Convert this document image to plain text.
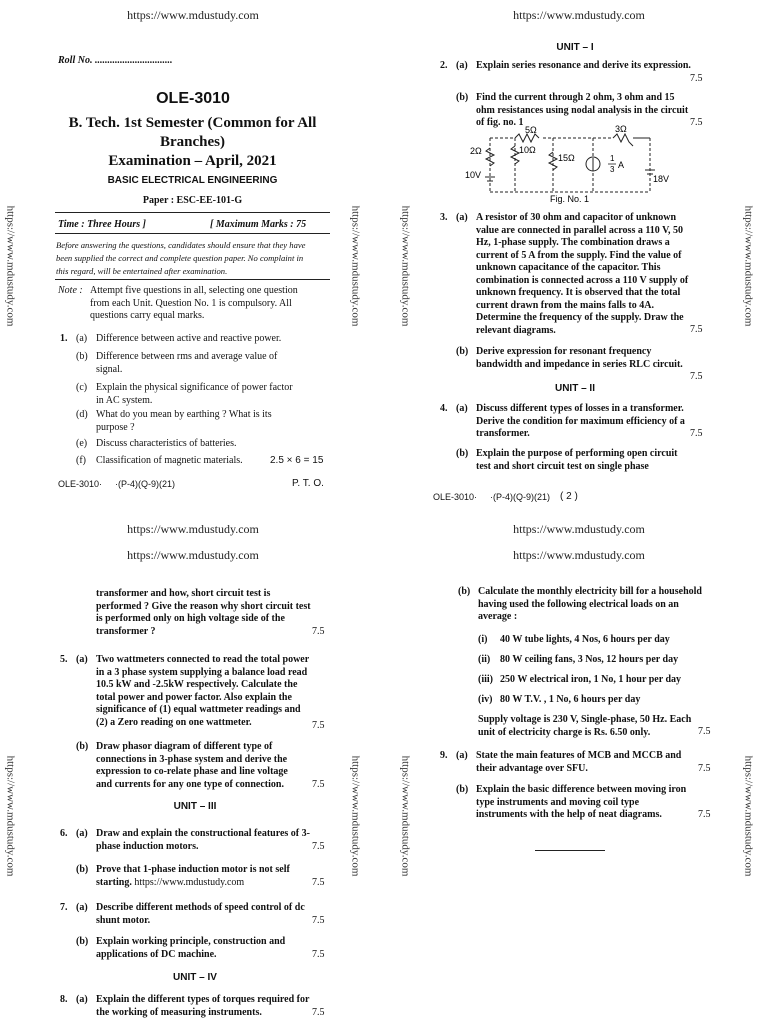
https://www.mdustudy.com	https://www.mdustudy.com
https://www.mdustudy.com	https://www.mdustudy.com
https://www.mdustudy.com	https://www.mdustudy.com
https://www.mdustudy.com	https://www.mdustudy.com	https://www.mdustudy.com	https://www.mdustudy.com
https://www.mdustudy.com	https://www.mdustudy.com	https://www.mdustudy.com	https://www.mdustudy.com
Roll No. ...............................
OLE-3010
B. Tech. 1st Semester (Common for All
Branches)
Examination – April, 2021
BASIC ELECTRICAL ENGINEERING
Paper : ESC-EE-101-G
Time : Three Hours ]	[ Maximum Marks : 75
Before answering the questions, candidates should ensure that they have
been supplied the correct and complete question paper. No complaint in
this regard, will be entertained after examination.
Note : Attempt five questions in all, selecting one question
from each Unit. Question No. 1 is compulsory. All
questions carry equal marks.
1. (a) Difference between active and reactive power.
(b) Difference between rms and average value of
signal.
(c) Explain the physical significance of power factor
in AC system.
(d) What do you mean by earthing ? What is its
purpose ?
(e) Discuss characteristics of batteries.
(f) Classification of magnetic materials.	2.5 × 6 = 15
OLE-3010· ·(P-4)(Q-9)(21)	P. T. O.
UNIT – I
2. (a) Explain series resonance and derive its expression.
7.5
(b) Find the current through 2 ohm, 3 ohm and 15
ohm resistances using nodal analysis in the circuit
of fig. no. 1	7.5
5Ω	3Ω
2Ω	10Ω
15Ω	1
3 A
10V	18V
Fig. No. 1
3. (a) A resistor of 30 ohm and capacitor of unknown
value are connected in parallel across a 110 V, 50
Hz, 1-phase supply. The combination draws a
current of 5 A from the supply. Find the value of
unknown capacitance of the capacitor. This
combination is connected across a 110 V supply of
unknown frequency. It is observed that the total
current drawn from the mains falls to 4A.
Determine the frequency of the supply. Draw the
relevant diagrams.	7.5
(b) Derive expression for resonant frequency
bandwidth and impedance in series RLC circuit.
7.5
UNIT – II
4. (a) Discuss different types of losses in a transformer.
Derive the condition for maximum efficiency of a
transformer.	7.5
(b) Explain the purpose of performing open circuit
test and short circuit test on single phase
OLE-3010· ·(P-4)(Q-9)(21) ( 2 )
transformer and how, short circuit test is
performed ? Give the reason why short circuit test
is performed only on high voltage side of the
transformer ?	7.5
5. (a) Two wattmeters connected to read the total power
in a 3 phase system supplying a balance load read
10.5 kW and -2.5kW respectively. Calculate the
total power and power factor. Also explain the
significance of (1) equal wattmeter readings and
(2) a Zero reading on one wattmeter.	7.5
(b) Draw phasor diagram of different type of
connections in 3-phase system and derive the
expression to co-relate phase and line voltage
and currents for any one type of connection.	7.5
UNIT – III
6. (a) Draw and explain the constructional features of 3-
phase induction motors.	7.5
(b) Prove that 1-phase induction motor is not self
starting. https://www.mdustudy.com	7.5
7. (a) Describe different methods of speed control of dc
shunt motor.	7.5
(b) Explain working principle, construction and
applications of DC machine.	7.5
UNIT – IV
8. (a) Explain the different types of torques required for
the working of measuring instruments.	7.5
(b) Calculate the monthly electricity bill for a household
having used the following electrical loads on an
average :
(i) 40 W tube lights, 4 Nos, 6 hours per day
(ii) 80 W ceiling fans, 3 Nos, 12 hours per day
(iii) 250 W electrical iron, 1 No, 1 hour per day
(iv) 80 W T.V. , 1 No, 6 hours per day
Supply voltage is 230 V, Single-phase, 50 Hz. Each
unit of electricity charge is Rs. 6.50 only.	7.5
9. (a) State the main features of MCB and MCCB and
their advantage over SFU.	7.5
(b) Explain the basic difference between moving iron
type instruments and moving coil type
instruments with the help of neat diagrams.	7.5
